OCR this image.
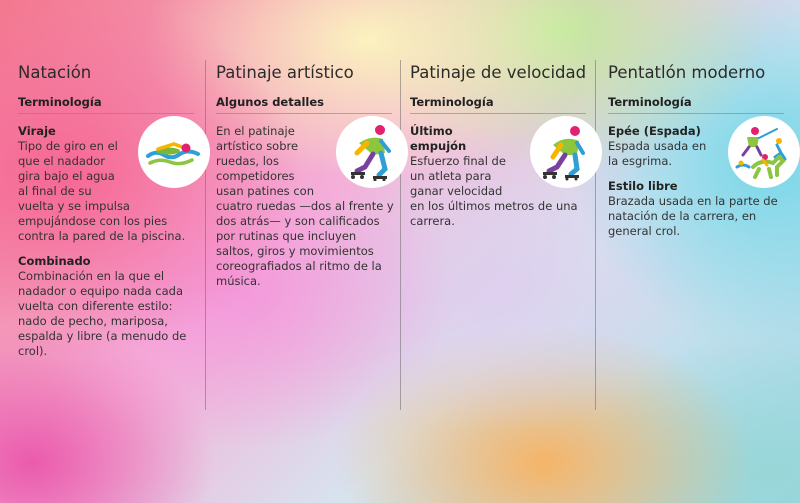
Natación
Terminología
Viraje
Tipo de giro en el que el nadador gira bajo el agua al final de su vuelta y se impulsa empujándose con los pies contra la pared de la piscina.
Combinado
Combinación en la que el nadador o equipo nada cada vuelta con diferente estilo: nado de pecho, mariposa, espalda y libre (a menudo de crol).
Patinaje artístico
Algunos detalles
En el patinaje artístico sobre ruedas, los competidores usan patines con cuatro ruedas —dos al frente y dos atrás— y son calificados por rutinas que incluyen saltos, giros y movimientos coreografiados al ritmo de la música.
Patinaje de velocidad
Terminología
Último empujón
Esfuerzo final de un atleta para ganar velocidad en los últimos metros de una carrera.
Pentatlón moderno
Terminología
Epée (Espada)
Espada usada en la esgrima.
Estilo libre
Brazada usada en la parte de natación de la carrera, en general crol.
